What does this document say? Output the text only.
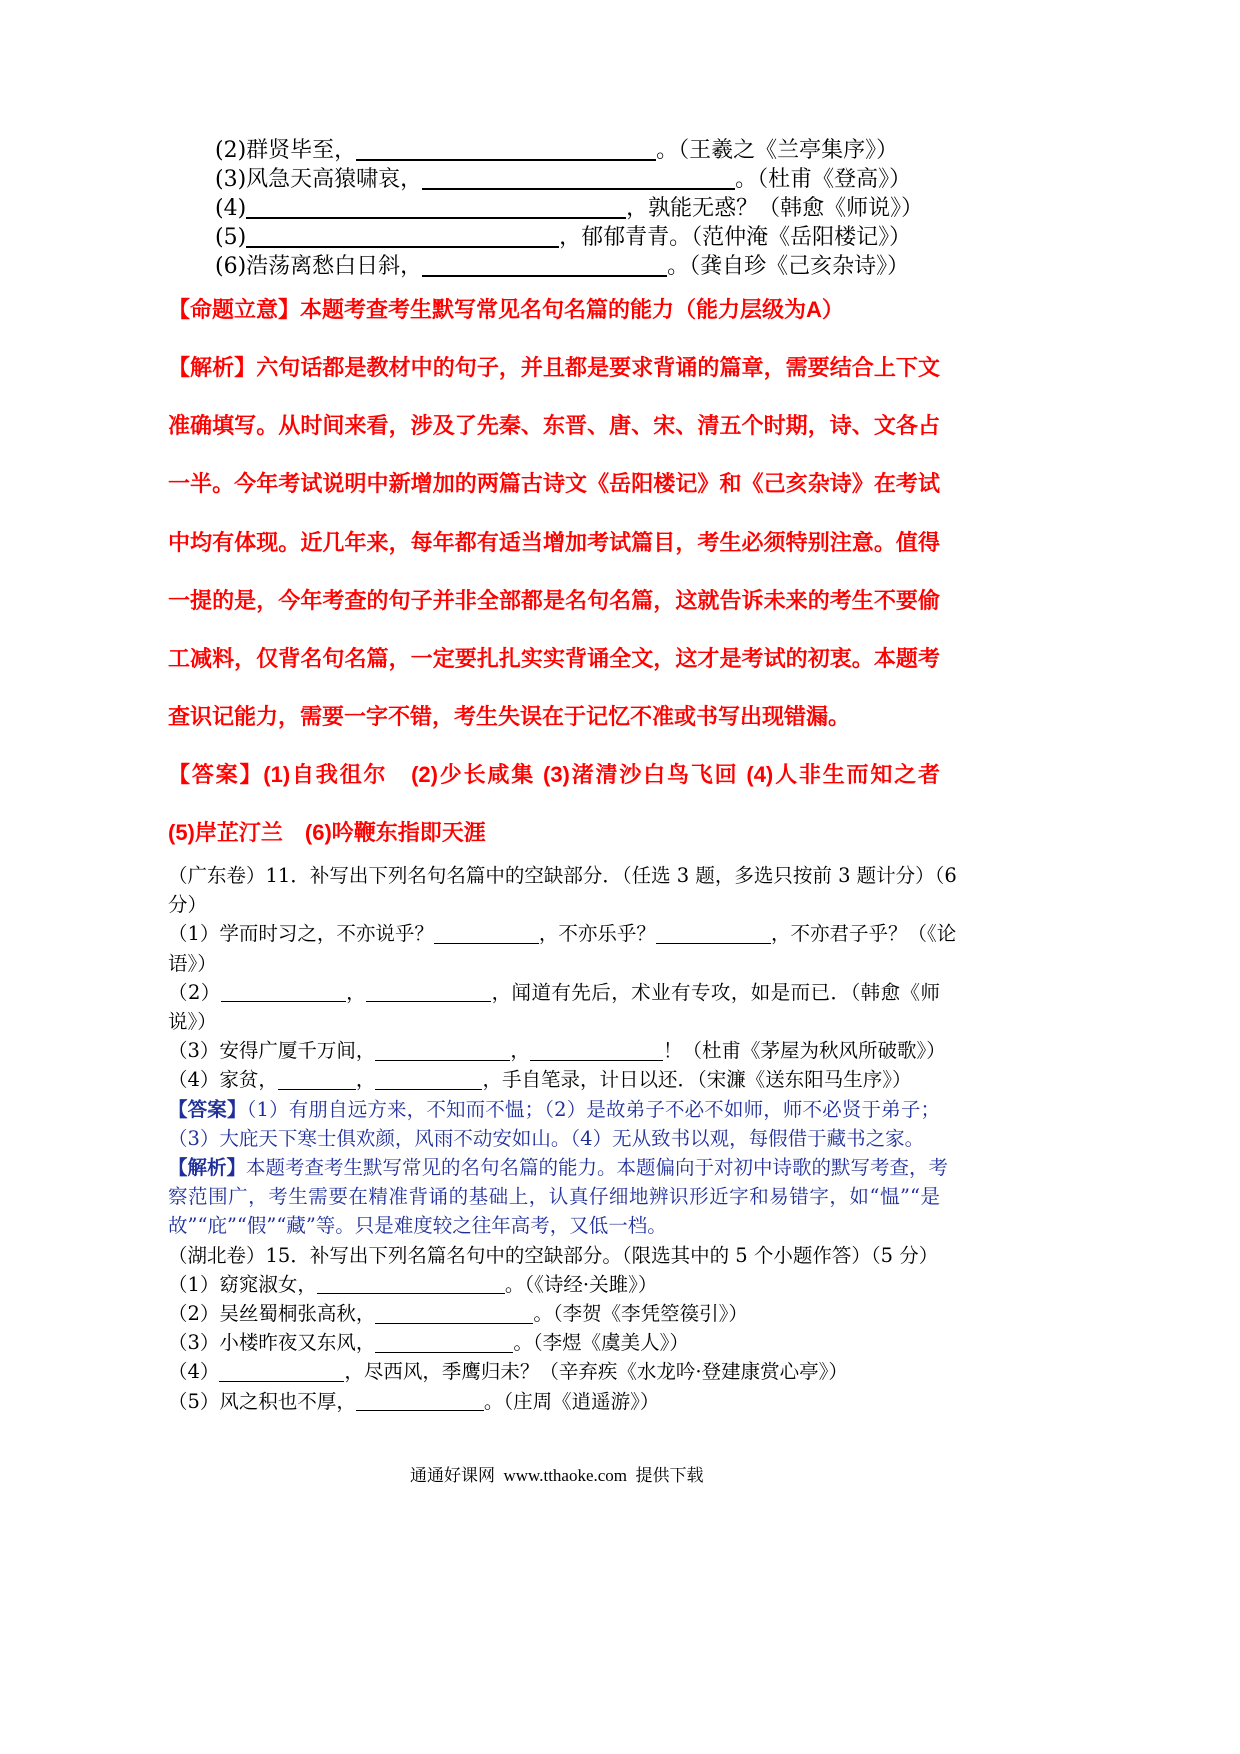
(2)群贤毕至，	。（王羲之《兰亭集序》）
(3)风急天高猿啸哀，	。（杜甫《登高》）
(4)	，孰能无惑？（韩愈《师说》）
(5)	，郁郁青青。（范仲淹《岳阳楼记》）
(6)浩荡离愁白日斜，	。（龚自珍《己亥杂诗》）
【命题立意】本题考查考生默写常见名句名篇的能力（能力层级为A）
【解析】六句话都是教材中的句子，并且都是要求背诵的篇章，需要结合上下文
准确填写。从时间来看，涉及了先秦、东晋、唐、宋、清五个时期，诗、文各占
一半。今年考试说明中新增加的两篇古诗文《岳阳楼记》和《己亥杂诗》在考试
中均有体现。近几年来，每年都有适当增加考试篇目，考生必须特别注意。值得
一提的是，今年考查的句子并非全部都是名句名篇，这就告诉未来的考生不要偷
工减料，仅背名句名篇，一定要扎扎实实背诵全文，这才是考试的初衷。本题考
查识记能力，需要一字不错，考生失误在于记忆不准或书写出现错漏。
【答案】(1)自我徂尔　(2)少长咸集 (3)渚清沙白鸟飞回 (4)人非生而知之者
(5)岸芷汀兰　(6)吟鞭东指即天涯
（广东卷）11．补写出下列名句名篇中的空缺部分．（任选 3 题，多选只按前 3 题计分）（6
分）
（1）学而时习之，不亦说乎？	，不亦乐乎？	，不亦君子乎？（《论
语》）
（2）	，	，闻道有先后，术业有专攻，如是而已．（韩愈《师
说》）
（3）安得广厦千万间，	，	！（杜甫《茅屋为秋风所破歌》）
（4）家贫，	，	，手自笔录，计日以还．（宋濂《送东阳马生序》）
【答案】（1）有朋自远方来，不知而不愠；（2）是故弟子不必不如师，师不必贤于弟子；
（3）大庇天下寒士俱欢颜，风雨不动安如山。（4）无从致书以观，每假借于藏书之家。
【解析】本题考查考生默写常见的名句名篇的能力。本题偏向于对初中诗歌的默写考查，考
察范围广，考生需要在精准背诵的基础上，认真仔细地辨识形近字和易错字，如“愠”“是
故”“庇”“假”“藏”等。只是难度较之往年高考，又低一档。
（湖北卷）15．补写出下列名篇名句中的空缺部分。（限选其中的 5 个小题作答）（5 分）
（1）窈窕淑女，	。（《诗经·关雎》）
（2）吴丝蜀桐张高秋，	。（李贺《李凭箜篌引》）
（3）小楼昨夜又东风，	。（李煜《虞美人》）
（4）	，尽西风，季鹰归未？（辛弃疾《水龙吟·登建康赏心亭》）
（5）风之积也不厚，	。（庄周《逍遥游》）
通通好课网  www.tthaoke.com  提供下载
